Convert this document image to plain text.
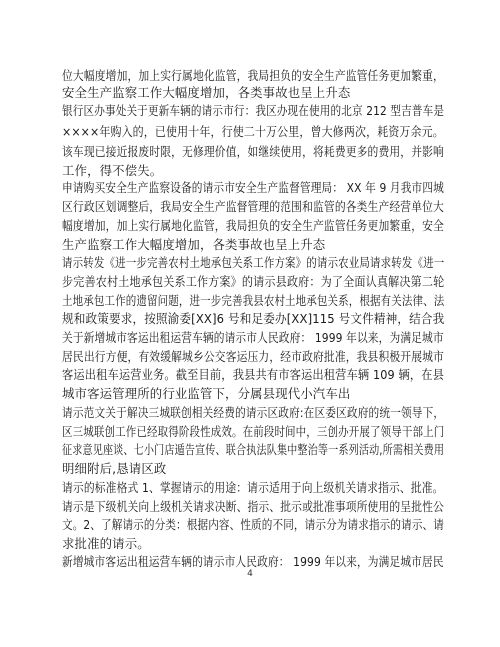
位大幅度增加，加上实行属地化监管，我局担负的安全生产监管任务更加繁重，
安全生产监察工作大幅度增加，各类事故也呈上升态
银行区办事处关于更新车辆的请示市行：我区办现在使用的北京 212 型吉普车是
××××年购入的，已使用十年，行使二十万公里，曾大修两次，耗资万余元。
该车现已接近报废时限，无修理价值，如继续使用，将耗费更多的费用，并影响
工作，得不偿失。
申请购买安全生产监察设备的请示市安全生产监督管理局： XX 年 9 月我市四城
区行政区划调整后，我局安全生产监督管理的范围和监管的各类生产经营单位大
幅度增加，加上实行属地化监管，我局担负的安全生产监管任务更加繁重，安全
生产监察工作大幅度增加，各类事故也呈上升态
请示转发《进一步完善农村土地承包关系工作方案》的请示农业局请求转发《进一
步完善农村土地承包关系工作方案》的请示县政府：为了全面认真解决第二轮
土地承包工作的遗留问题，进一步完善我县农村土地承包关系，根据有关法律、法
规和政策要求，按照渝委[XX]6 号和足委办[XX]115 号文件精神，结合我
关于新增城市客运出租运营车辆的请示市人民政府： 1999 年以来，为满足城市
居民出行方便，有效缓解城乡公交客运压力，经市政府批准，我县积极开展城市
客运出租车运营业务。截至目前，我县共有市客运出租营车辆 109 辆，在县
城市客运管理所的行业监管下，分属县现代小汽车出
请示范文关于解决三城联创相关经费的请示区政府:在区委区政府的统一领导下，
区三城联创工作已经取得阶段性成效。在前段时间中，三创办开展了领导干部上门
征求意见座谈、七小门店遁告宣传、联合执法队集中整治等一系列活动,所需相关费用
明细附后,恳请区政
请示的标准格式 1、掌握请示的用途：请示适用于向上级机关请求指示、批准。
请示是下级机关向上级机关请求决断、指示、批示或批准事项所使用的呈批性公
文。2、了解请示的分类：根据内容、性质的不同，请示分为请求指示的请示、请
求批准的请示。
新增城市客运出租运营车辆的请示市人民政府： 1999 年以来，为满足城市居民
4
